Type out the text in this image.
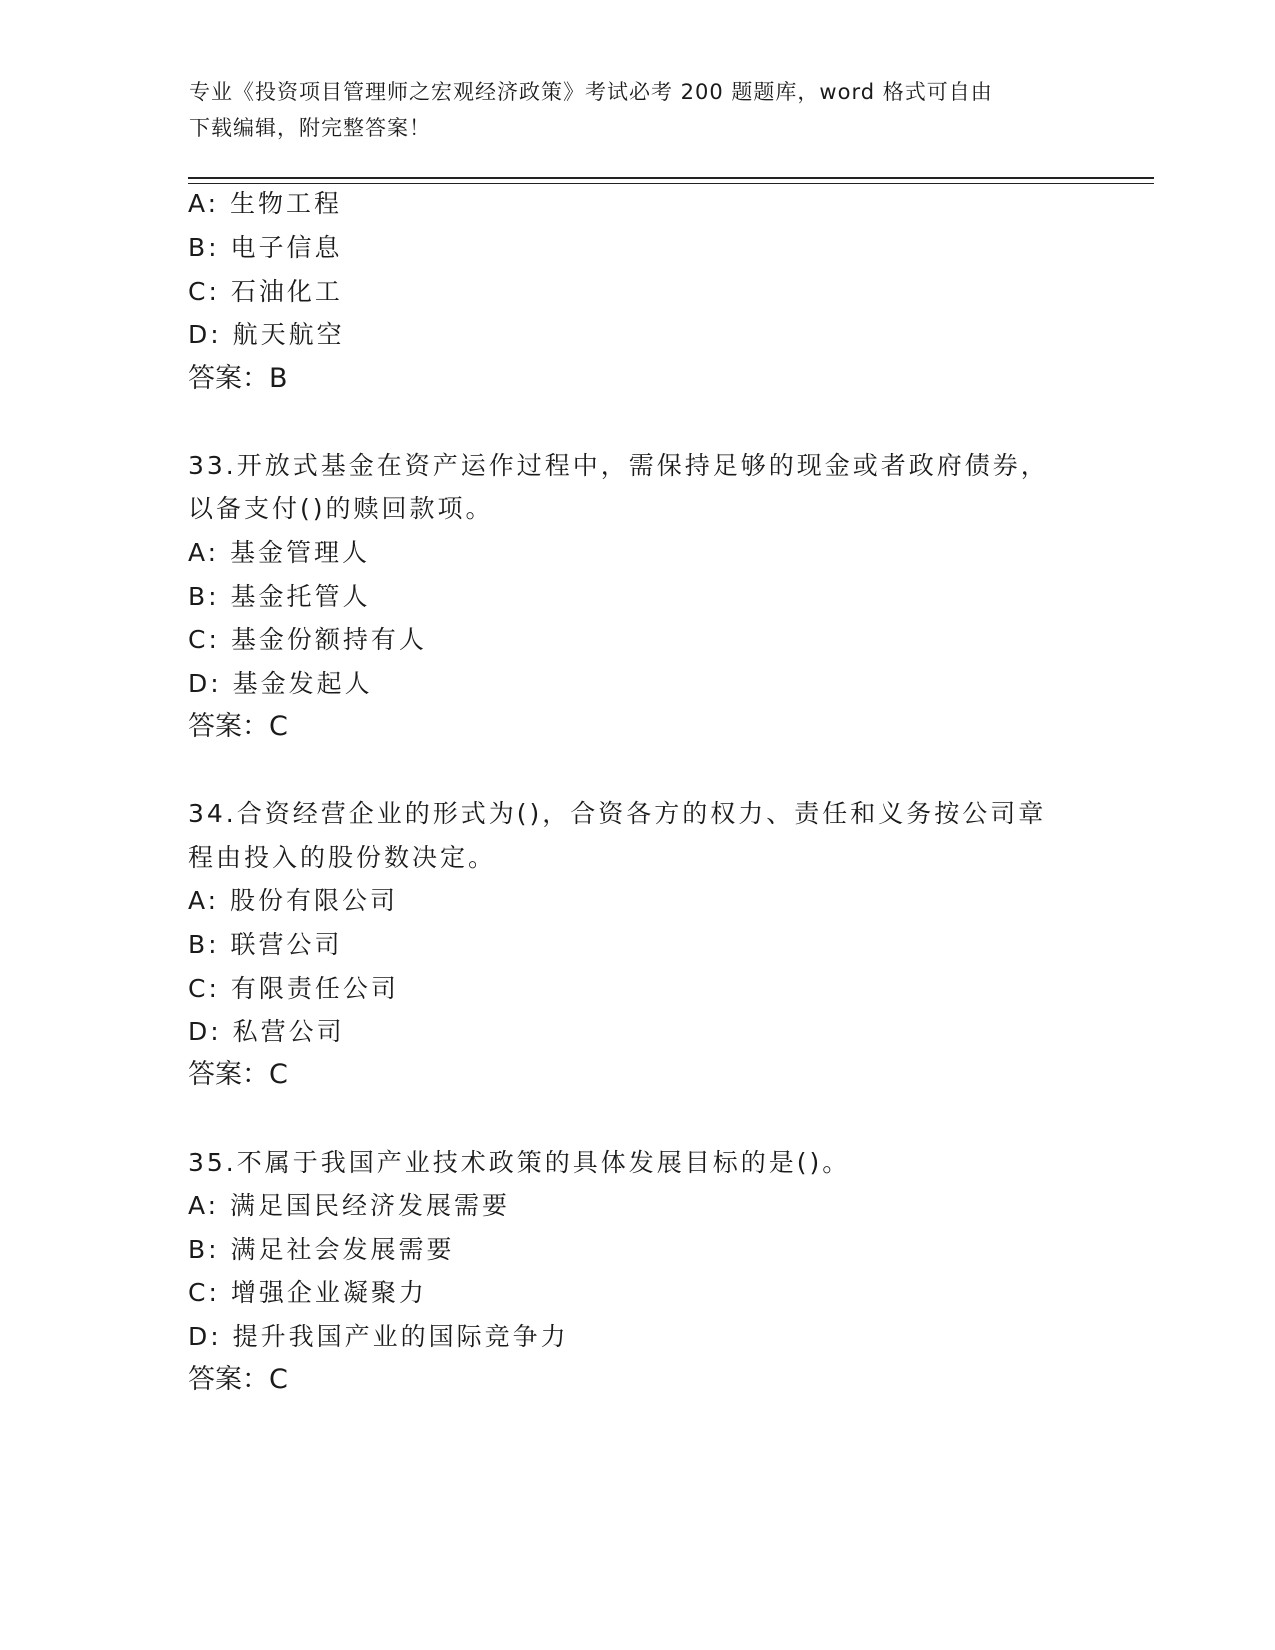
专业《投资项目管理师之宏观经济政策》考试必考 200 题题库，word 格式可自由
下载编辑，附完整答案！
A: 生物工程
B: 电子信息
C: 石油化工
D: 航天航空
答案：B
33.开放式基金在资产运作过程中，需保持足够的现金或者政府债券，
以备支付()的赎回款项。
A: 基金管理人
B: 基金托管人
C: 基金份额持有人
D: 基金发起人
答案：C
34.合资经营企业的形式为()，合资各方的权力、责任和义务按公司章
程由投入的股份数决定。
A: 股份有限公司
B: 联营公司
C: 有限责任公司
D: 私营公司
答案：C
35.不属于我国产业技术政策的具体发展目标的是()。
A: 满足国民经济发展需要
B: 满足社会发展需要
C: 增强企业凝聚力
D: 提升我国产业的国际竞争力
答案：C
